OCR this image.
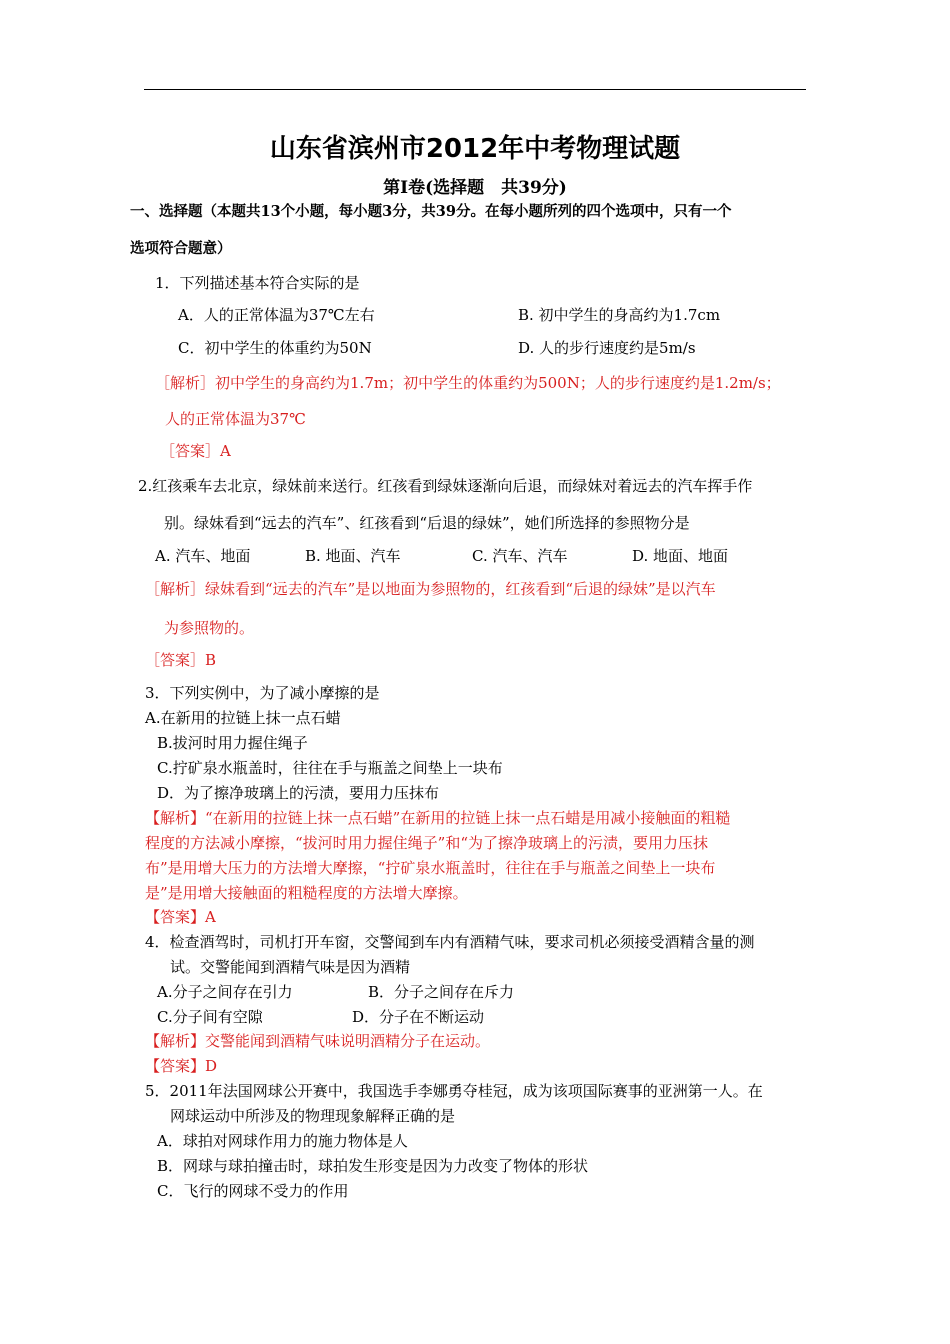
山东省滨州市2012年中考物理试题
第Ⅰ卷(选择题　共39分)
一、选择题（本题共13个小题，每小题3分，共39分。在每小题所列的四个选项中，只有一个
选项符合题意）
1．下列描述基本符合实际的是
A．人的正常体温为37℃左右	B. 初中学生的身高约为1.7cm
C．初中学生的体重约为50N	D. 人的步行速度约是5m/s
［解析］初中学生的身高约为1.7m；初中学生的体重约为500N；人的步行速度约是1.2m/s；
人的正常体温为37℃
［答案］A
2.红孩乘车去北京，绿妹前来送行。红孩看到绿妹逐渐向后退，而绿妹对着远去的汽车挥手作
别。绿妹看到“远去的汽车”、红孩看到“后退的绿妹”，她们所选择的参照物分是
A. 汽车、地面	B. 地面、汽车	C. 汽车、汽车	D. 地面、地面
［解析］绿妹看到“远去的汽车”是以地面为参照物的，红孩看到“后退的绿妹”是以汽车
为参照物的。
［答案］B
3．下列实例中，为了减小摩擦的是
A.在新用的拉链上抹一点石蜡
B.拔河时用力握住绳子
C.拧矿泉水瓶盖时，往往在手与瓶盖之间垫上一块布
D．为了擦净玻璃上的污渍，要用力压抹布
【解析】“在新用的拉链上抹一点石蜡”在新用的拉链上抹一点石蜡是用减小接触面的粗糙
程度的方法减小摩擦，“拔河时用力握住绳子”和“为了擦净玻璃上的污渍，要用力压抹
布”是用增大压力的方法增大摩擦，“拧矿泉水瓶盖时，往往在手与瓶盖之间垫上一块布
是”是用增大接触面的粗糙程度的方法增大摩擦。
【答案】A
4．检查酒驾时，司机打开车窗，交警闻到车内有酒精气味，要求司机必须接受酒精含量的测
试。交警能闻到酒精气味是因为酒精
A.分子之间存在引力	B．分子之间存在斥力
C.分子间有空隙	D．分子在不断运动
【解析】交警能闻到酒精气味说明酒精分子在运动。
【答案】D
5．2011年法国网球公开赛中，我国选手李娜勇夺桂冠，成为该项国际赛事的亚洲第一人。在
网球运动中所涉及的物理现象解释正确的是
A．球拍对网球作用力的施力物体是人
B．网球与球拍撞击时，球拍发生形变是因为力改变了物体的形状
C．飞行的网球不受力的作用
